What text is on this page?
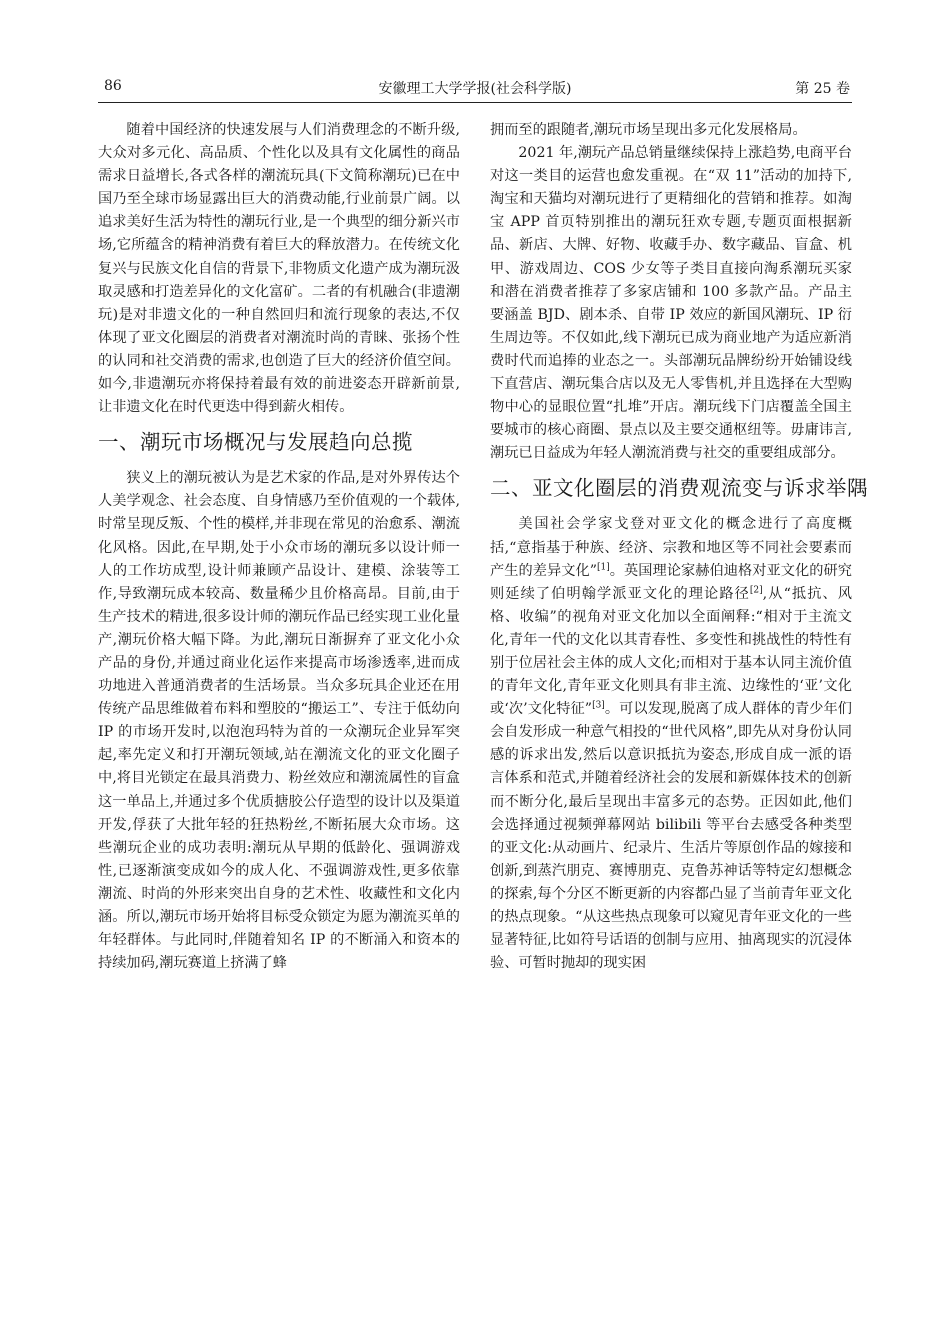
86	安徽理工大学学报(社会科学版)	第 25 卷

随着中国经济的快速发展与人们消费理念的不断升级,大众对多元化、高品质、个性化以及具有文化属性的商品需求日益增长,各式各样的潮流玩具(下文简称潮玩)已在中国乃至全球市场显露出巨大的消费动能,行业前景广阔。以追求美好生活为特性的潮玩行业,是一个典型的细分新兴市场,它所蕴含的精神消费有着巨大的释放潜力。在传统文化复兴与民族文化自信的背景下,非物质文化遗产成为潮玩汲取灵感和打造差异化的文化富矿。二者的有机融合(非遗潮玩)是对非遗文化的一种自然回归和流行现象的表达,不仅体现了亚文化圈层的消费者对潮流时尚的青睐、张扬个性的认同和社交消费的需求,也创造了巨大的经济价值空间。如今,非遗潮玩亦将保持着最有效的前进姿态开辟新前景,让非遗文化在时代更迭中得到薪火相传。

一、潮玩市场概况与发展趋向总揽

狭义上的潮玩被认为是艺术家的作品,是对外界传达个人美学观念、社会态度、自身情感乃至价值观的一个载体,时常呈现反叛、个性的模样,并非现在常见的治愈系、潮流化风格。因此,在早期,处于小众市场的潮玩多以设计师一人的工作坊成型,设计师兼顾产品设计、建模、涂装等工作,导致潮玩成本较高、数量稀少且价格高昂。目前,由于生产技术的精进,很多设计师的潮玩作品已经实现工业化量产,潮玩价格大幅下降。为此,潮玩日渐摒弃了亚文化小众产品的身份,并通过商业化运作来提高市场渗透率,进而成功地进入普通消费者的生活场景。当众多玩具企业还在用传统产品思维做着布料和塑胶的“搬运工”、专注于低幼向 IP 的市场开发时,以泡泡玛特为首的一众潮玩企业异军突起,率先定义和打开潮玩领域,站在潮流文化的亚文化圈子中,将目光锁定在最具消费力、粉丝效应和潮流属性的盲盒这一单品上,并通过多个优质搪胶公仔造型的设计以及渠道开发,俘获了大批年轻的狂热粉丝,不断拓展大众市场。这些潮玩企业的成功表明:潮玩从早期的低龄化、强调游戏性,已逐渐演变成如今的成人化、不强调游戏性,更多依靠潮流、时尚的外形来突出自身的艺术性、收藏性和文化内涵。所以,潮玩市场开始将目标受众锁定为愿为潮流买单的年轻群体。与此同时,伴随着知名 IP 的不断涌入和资本的持续加码,潮玩赛道上挤满了蜂

拥而至的跟随者,潮玩市场呈现出多元化发展格局。

2021 年,潮玩产品总销量继续保持上涨趋势,电商平台对这一类目的运营也愈发重视。在“双 11”活动的加持下,淘宝和天猫均对潮玩进行了更精细化的营销和推荐。如淘宝 APP 首页特别推出的潮玩狂欢专题,专题页面根据新品、新店、大牌、好物、收藏手办、数字藏品、盲盒、机甲、游戏周边、COS 少女等子类目直接向淘系潮玩买家和潜在消费者推荐了多家店铺和 100 多款产品。产品主要涵盖 BJD、剧本杀、自带 IP 效应的新国风潮玩、IP 衍生周边等。不仅如此,线下潮玩已成为商业地产为适应新消费时代而追捧的业态之一。头部潮玩品牌纷纷开始铺设线下直营店、潮玩集合店以及无人零售机,并且选择在大型购物中心的显眼位置“扎堆”开店。潮玩线下门店覆盖全国主要城市的核心商圈、景点以及主要交通枢纽等。毋庸讳言,潮玩已日益成为年轻人潮流消费与社交的重要组成部分。

二、亚文化圈层的消费观流变与诉求举隅

美国社会学家戈登对亚文化的概念进行了高度概括,“意指基于种族、经济、宗教和地区等不同社会要素而产生的差异文化”[1]。英国理论家赫伯迪格对亚文化的研究则延续了伯明翰学派亚文化的理论路径[2],从“抵抗、风格、收编”的视角对亚文化加以全面阐释:“相对于主流文化,青年一代的文化以其青春性、多变性和挑战性的特性有别于位居社会主体的成人文化;而相对于基本认同主流价值的青年文化,青年亚文化则具有非主流、边缘性的‘亚’文化或‘次’文化特征”[3]。可以发现,脱离了成人群体的青少年们会自发形成一种意气相投的“世代风格”,即先从对身份认同感的诉求出发,然后以意识抵抗为姿态,形成自成一派的语言体系和范式,并随着经济社会的发展和新媒体技术的创新而不断分化,最后呈现出丰富多元的态势。正因如此,他们会选择通过视频弹幕网站 bilibili 等平台去感受各种类型的亚文化:从动画片、纪录片、生活片等原创作品的嫁接和创新,到蒸汽朋克、赛博朋克、克鲁苏神话等特定幻想概念的探索,每个分区不断更新的内容都凸显了当前青年亚文化的热点现象。“从这些热点现象可以窥见青年亚文化的一些显著特征,比如符号话语的创制与应用、抽离现实的沉浸体验、可暂时抛却的现实困
